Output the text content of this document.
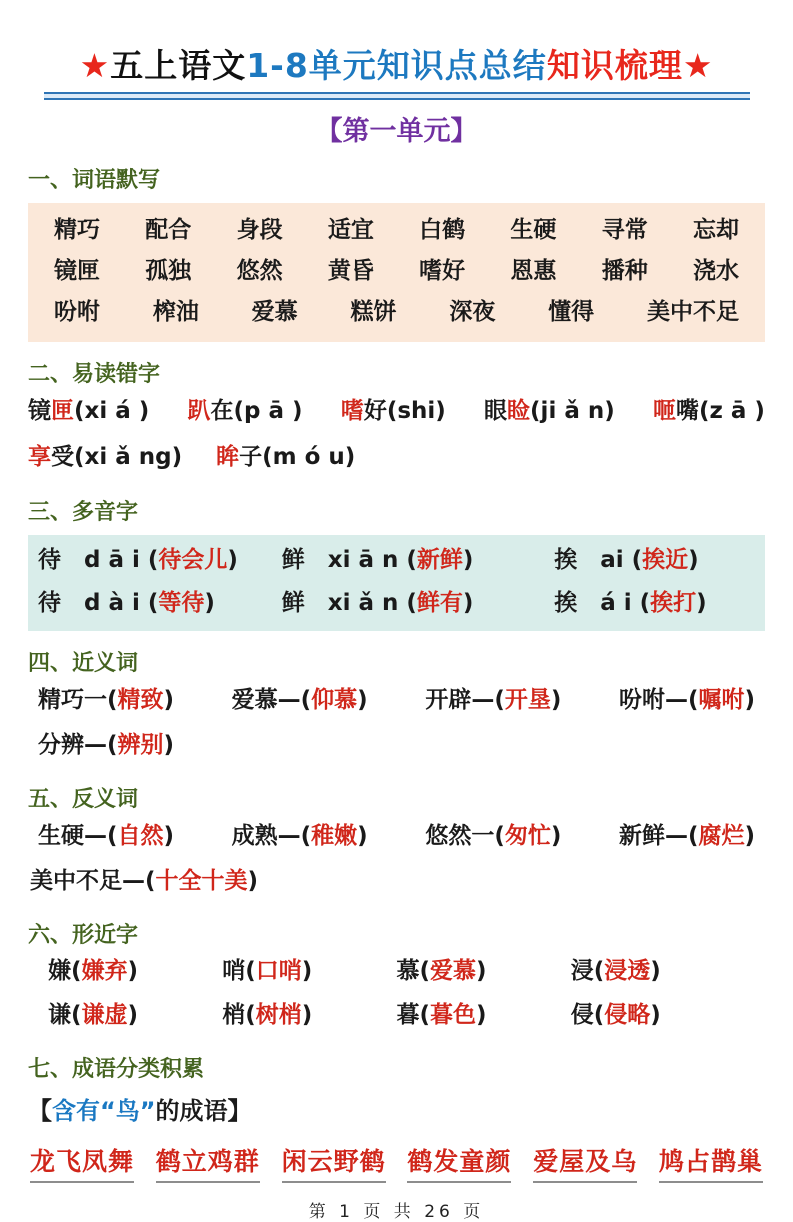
★五上语文1-8单元知识点总结知识梳理★
【第一单元】
一、词语默写
精巧 配合 身段 适宜 白鹤 生硬 寻常 忘却
镜匣 孤独 悠然 黄昏 嗜好 恩惠 播种 浇水
吩咐 榨油 爱慕 糕饼 深夜 懂得 美中不足
二、易读错字
镜匣(xi á ) 趴在(p ā ) 嗜好(shi) 眼睑(ji ǎ n) 咂嘴(z ā )
享受(xi ǎ ng) 眸子(m ó u)
三、多音字
待　d ā i (待会儿)	鲜　xi ā n (新鲜)	挨　ai (挨近)
待　d à i (等待)	鲜　xi ǎ n (鲜有)	挨　á i (挨打)
四、近义词
精巧一(精致)	爱慕—(仰慕)	开辟—(开垦)	吩咐—(嘱咐)
分辨—(辨别)
五、反义词
生硬—(自然)	成熟—(稚嫩)	悠然一(匆忙)	新鲜—(腐烂)
美中不足—(十全十美)
六、形近字
嫌(嫌弃)	哨(口哨)	慕(爱慕)	浸(浸透)
谦(谦虚)	梢(树梢)	暮(暮色)	侵(侵略)
七、成语分类积累
【含有“鸟”的成语】
龙飞凤舞 鹤立鸡群 闲云野鹤 鹤发童颜 爱屋及乌 鸠占鹊巢
第 1 页 共 26 页
